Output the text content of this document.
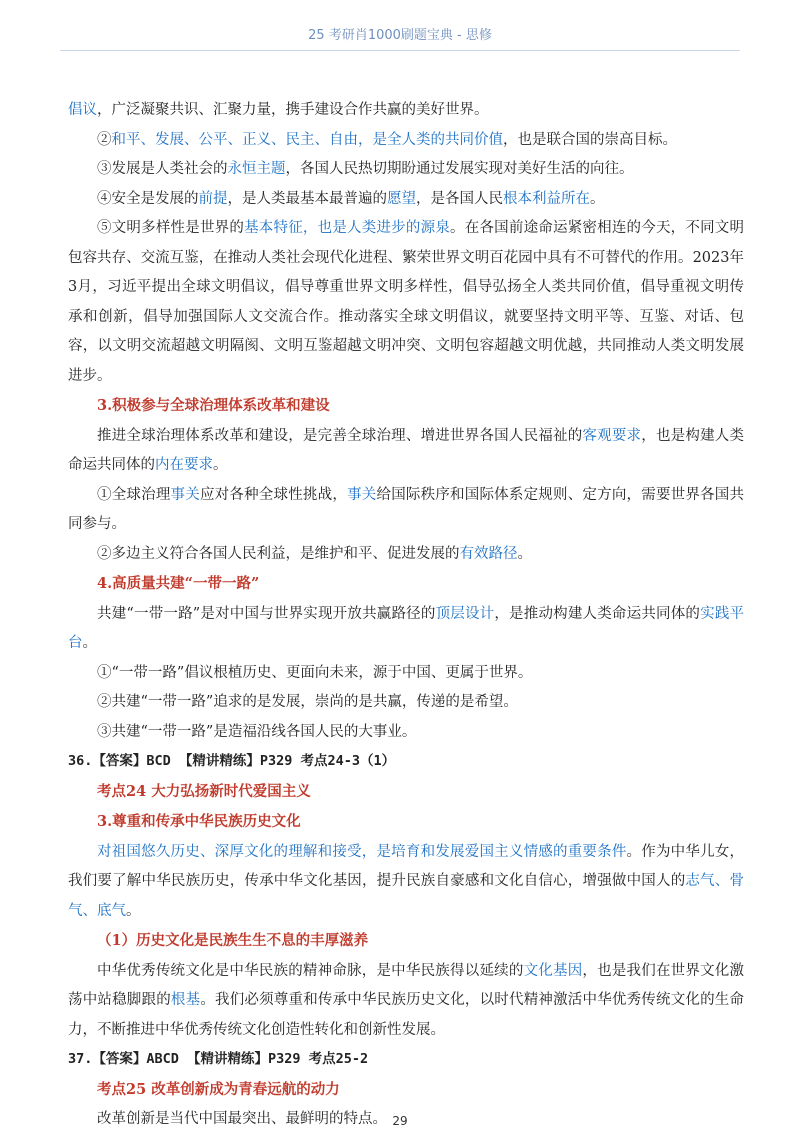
25 考研肖1000刷题宝典 - 思修

倡议，广泛凝聚共识、汇聚力量，携手建设合作共赢的美好世界。

②和平、发展、公平、正义、民主、自由，是全人类的共同价值，也是联合国的崇高目标。

③发展是人类社会的永恒主题，各国人民热切期盼通过发展实现对美好生活的向往。

④安全是发展的前提，是人类最基本最普遍的愿望，是各国人民根本利益所在。

⑤文明多样性是世界的基本特征，也是人类进步的源泉。在各国前途命运紧密相连的今天，不同文明包容共存、交流互鉴，在推动人类社会现代化进程、繁荣世界文明百花园中具有不可替代的作用。2023年3月，习近平提出全球文明倡议，倡导尊重世界文明多样性，倡导弘扬全人类共同价值，倡导重视文明传承和创新，倡导加强国际人文交流合作。推动落实全球文明倡议，就要坚持文明平等、互鉴、对话、包容，以文明交流超越文明隔阂、文明互鉴超越文明冲突、文明包容超越文明优越，共同推动人类文明发展进步。

3.积极参与全球治理体系改革和建设

推进全球治理体系改革和建设，是完善全球治理、增进世界各国人民福祉的客观要求，也是构建人类命运共同体的内在要求。

①全球治理事关应对各种全球性挑战，事关给国际秩序和国际体系定规则、定方向，需要世界各国共同参与。

②多边主义符合各国人民利益，是维护和平、促进发展的有效路径。

4.高质量共建“一带一路”

共建“一带一路”是对中国与世界实现开放共赢路径的顶层设计，是推动构建人类命运共同体的实践平台。

①“一带一路”倡议根植历史、更面向未来，源于中国、更属于世界。

②共建“一带一路”追求的是发展，崇尚的是共赢，传递的是希望。

③共建“一带一路”是造福沿线各国人民的大事业。

36.【答案】BCD 【精讲精练】P329 考点24-3（1）

考点24 大力弘扬新时代爱国主义

3.尊重和传承中华民族历史文化

对祖国悠久历史、深厚文化的理解和接受，是培育和发展爱国主义情感的重要条件。作为中华儿女，我们要了解中华民族历史，传承中华文化基因，提升民族自豪感和文化自信心，增强做中国人的志气、骨气、底气。

（1）历史文化是民族生生不息的丰厚滋养

中华优秀传统文化是中华民族的精神命脉，是中华民族得以延续的文化基因，也是我们在世界文化激荡中站稳脚跟的根基。我们必须尊重和传承中华民族历史文化，以时代精神激活中华优秀传统文化的生命力，不断推进中华优秀传统文化创造性转化和创新性发展。

37.【答案】ABCD 【精讲精练】P329 考点25-2

考点25 改革创新成为青春远航的动力

改革创新是当代中国最突出、最鲜明的特点。 29
